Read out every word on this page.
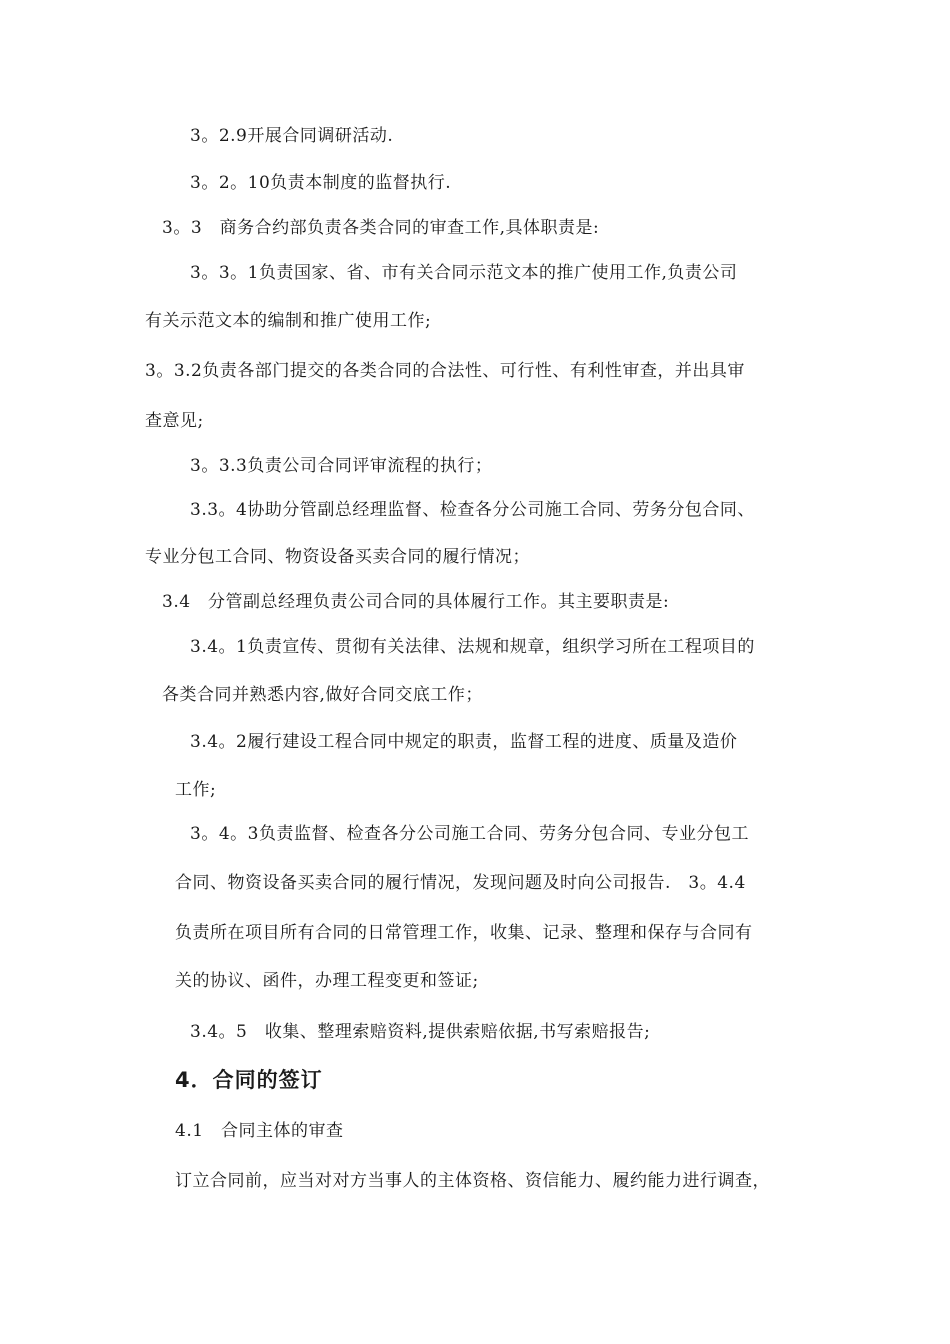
3。2.9开展合同调研活动.
3。2。10负责本制度的监督执行.
3。3　商务合约部负责各类合同的审查工作,具体职责是:
3。3。1负责国家、省、市有关合同示范文本的推广使用工作,负责公司
有关示范文本的编制和推广使用工作;
3。3.2负责各部门提交的各类合同的合法性、可行性、有利性审查，并出具审
查意见;
3。3.3负责公司合同评审流程的执行；
3.3。4协助分管副总经理监督、检查各分公司施工合同、劳务分包合同、
专业分包工合同、物资设备买卖合同的履行情况；
3.4　分管副总经理负责公司合同的具体履行工作。其主要职责是:
3.4。1负责宣传、贯彻有关法律、法规和规章，组织学习所在工程项目的
各类合同并熟悉内容,做好合同交底工作；
3.4。2履行建设工程合同中规定的职责，监督工程的进度、质量及造价
工作;
3。4。3负责监督、检查各分公司施工合同、劳务分包合同、专业分包工
合同、物资设备买卖合同的履行情况，发现问题及时向公司报告.　3。4.4
负责所在项目所有合同的日常管理工作，收集、记录、整理和保存与合同有
关的协议、函件，办理工程变更和签证;
3.4。5　收集、整理索赔资料,提供索赔依据,书写索赔报告;
4．合同的签订
4.1　合同主体的审查
订立合同前，应当对对方当事人的主体资格、资信能力、履约能力进行调查，
